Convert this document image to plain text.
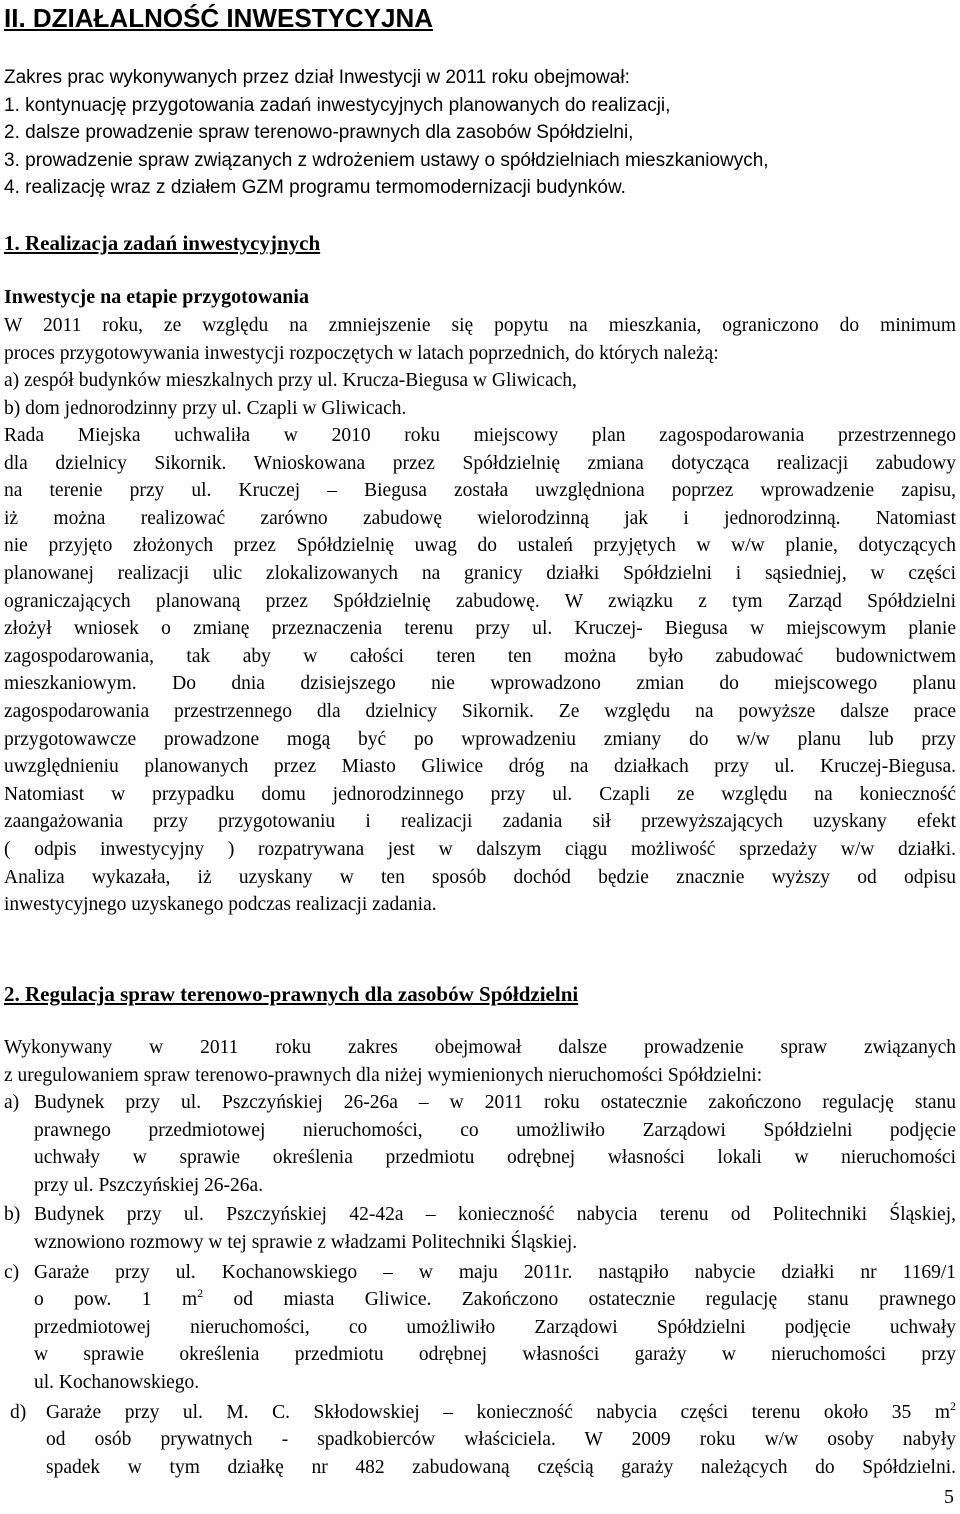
II. DZIAŁALNOŚĆ INWESTYCYJNA
Zakres prac wykonywanych przez dział Inwestycji w 2011 roku obejmował:
1. kontynuację przygotowania zadań inwestycyjnych planowanych do realizacji,
2. dalsze prowadzenie spraw terenowo-prawnych dla zasobów Spółdzielni,
3. prowadzenie spraw związanych z wdrożeniem ustawy o spółdzielniach mieszkaniowych,
4. realizację wraz z działem GZM programu termomodernizacji budynków.
1. Realizacja zadań inwestycyjnych
Inwestycje na etapie przygotowania
W 2011 roku, ze względu na zmniejszenie się popytu na mieszkania, ograniczono do minimum
proces przygotowywania inwestycji rozpoczętych w latach poprzednich, do których należą:
a) zespół budynków mieszkalnych przy ul. Krucza-Biegusa w Gliwicach,
b) dom jednorodzinny przy ul. Czapli w Gliwicach.
Rada Miejska uchwaliła w 2010 roku miejscowy plan zagospodarowania przestrzennego
dla dzielnicy Sikornik. Wnioskowana przez Spółdzielnię zmiana dotycząca realizacji zabudowy
na terenie przy ul. Kruczej – Biegusa została uwzględniona poprzez wprowadzenie zapisu,
iż można realizować zarówno zabudowę wielorodzinną jak i jednorodzinną. Natomiast
nie przyjęto złożonych przez Spółdzielnię uwag do ustaleń przyjętych w w/w planie, dotyczących
planowanej realizacji ulic zlokalizowanych na granicy działki Spółdzielni i sąsiedniej, w części
ograniczających planowaną przez Spółdzielnię zabudowę. W związku z tym Zarząd Spółdzielni
złożył wniosek o zmianę przeznaczenia terenu przy ul. Kruczej- Biegusa w miejscowym planie
zagospodarowania, tak aby w całości teren ten można było zabudować budownictwem
mieszkaniowym. Do dnia dzisiejszego nie wprowadzono zmian do miejscowego planu
zagospodarowania przestrzennego dla dzielnicy Sikornik. Ze względu na powyższe dalsze prace
przygotowawcze prowadzone mogą być po wprowadzeniu zmiany do w/w planu lub przy
uwzględnieniu planowanych przez Miasto Gliwice dróg na działkach przy ul. Kruczej-Biegusa.
Natomiast w przypadku domu jednorodzinnego przy ul. Czapli ze względu na konieczność
zaangażowania przy przygotowaniu i realizacji zadania sił przewyższających uzyskany efekt
( odpis inwestycyjny ) rozpatrywana jest w dalszym ciągu możliwość sprzedaży w/w działki.
Analiza wykazała, iż uzyskany w ten sposób dochód będzie znacznie wyższy od odpisu
inwestycyjnego uzyskanego podczas realizacji zadania.
2. Regulacja spraw terenowo-prawnych dla zasobów Spółdzielni
Wykonywany w 2011 roku zakres obejmował dalsze prowadzenie spraw związanych
z uregulowaniem spraw terenowo-prawnych dla niżej wymienionych nieruchomości Spółdzielni:
a) Budynek przy ul. Pszczyńskiej 26-26a – w 2011 roku ostatecznie zakończono regulację stanu
prawnego przedmiotowej nieruchomości, co umożliwiło Zarządowi Spółdzielni podjęcie
uchwały w sprawie określenia przedmiotu odrębnej własności lokali w nieruchomości
przy ul. Pszczyńskiej 26-26a.
b) Budynek przy ul. Pszczyńskiej 42-42a – konieczność nabycia terenu od Politechniki Śląskiej,
wznowiono rozmowy w tej sprawie z władzami Politechniki Śląskiej.
c) Garaże przy ul. Kochanowskiego – w maju 2011r. nastąpiło nabycie działki nr 1169/1
o pow. 1 $m^2$ od miasta Gliwice. Zakończono ostatecznie regulację stanu prawnego
przedmiotowej nieruchomości, co umożliwiło Zarządowi Spółdzielni podjęcie uchwały
w sprawie określenia przedmiotu odrębnej własności garaży w nieruchomości przy
ul. Kochanowskiego.
d) Garaże przy ul. M. C. Skłodowskiej – konieczność nabycia części terenu około 35 $m^2$
od osób prywatnych - spadkobierców właściciela. W 2009 roku w/w osoby nabyły
spadek w tym działkę nr 482 zabudowaną częścią garaży należących do Spółdzielni.
5
